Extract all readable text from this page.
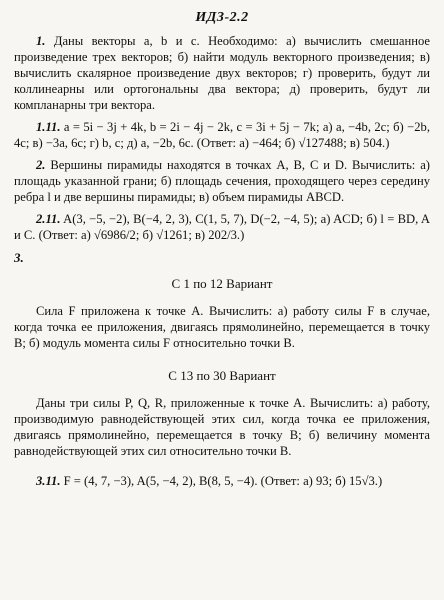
ИДЗ-2.2

1. Даны векторы a, b и c. Необходимо: а) вычислить смешанное произведение трех векторов; б) найти модуль векторного произведения; в) вычислить скалярное произведение двух векторов; г) проверить, будут ли коллинеарны или ортогональны два вектора; д) проверить, будут ли компланарны три вектора.

1.11. a = 5i − 3j + 4k, b = 2i − 4j − 2k, c = 3i + 5j − 7k; а) a, −4b, 2c; б) −2b, 4c; в) −3a, 6c; г) b, c; д) a, −2b, 6c. (Ответ: а) −464; б) √127488; в) 504.)

2. Вершины пирамиды находятся в точках A, B, C и D. Вычислить: а) площадь указанной грани; б) площадь сечения, проходящего через середину ребра l и две вершины пирамиды; в) объем пирамиды ABCD.

2.11. A(3, −5, −2), B(−4, 2, 3), C(1, 5, 7), D(−2, −4, 5); а) ACD; б) l = BD, A и C. (Ответ: а) √6986/2; б) √1261; в) 202/3.)

3.
С 1 по 12 Вариант

Сила F приложена к точке A. Вычислить: а) работу силы F в случае, когда точка ее приложения, двигаясь прямолинейно, перемещается в точку B; б) модуль момента силы F относительно точки B.

С 13 по 30 Вариант

Даны три силы P, Q, R, приложенные к точке A. Вычислить: а) работу, производимую равнодействующей этих сил, когда точка ее приложения, двигаясь прямолинейно, перемещается в точку B; б) величину момента равнодействующей этих сил относительно точки B.

3.11. F = (4, 7, −3), A(5, −4, 2), B(8, 5, −4). (Ответ: а) 93; б) 15√3.)
